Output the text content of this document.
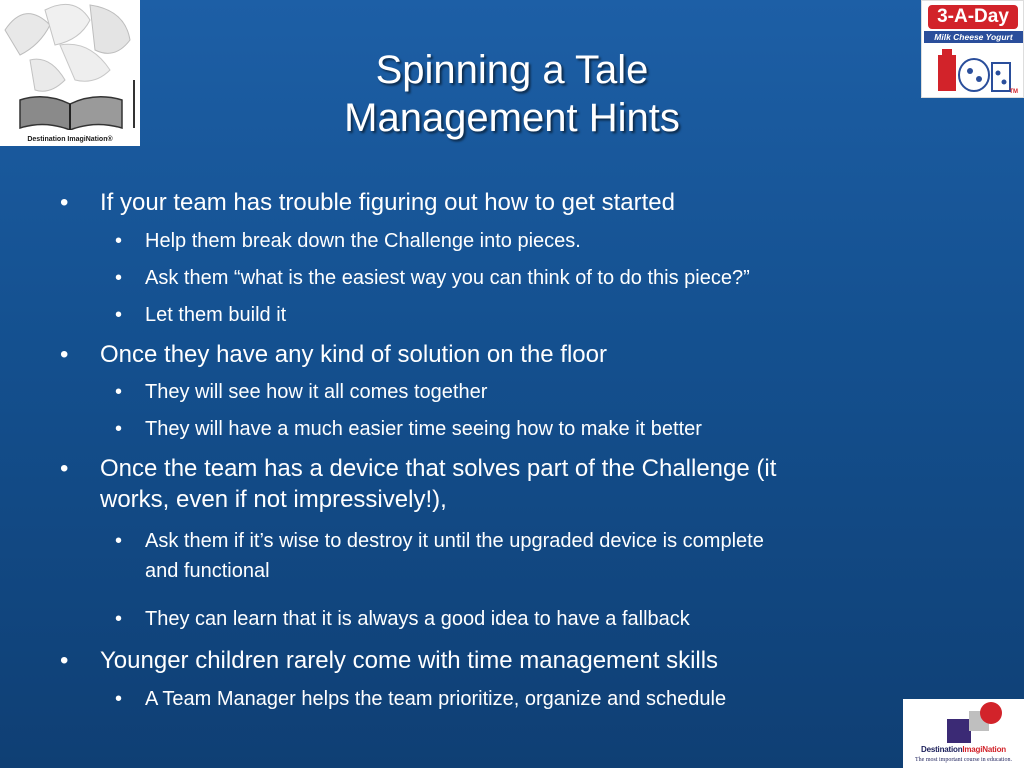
Destination ImagiNation®
3-A-Day
Milk Cheese Yogurt
TM
DestinationImagiNation
The most important course in education.
Spinning a Tale
Management Hints
• If your team has trouble figuring out how to get started
• Help them break down the Challenge into pieces.
• Ask them “what is the easiest way you can think of to do this piece?”
• Let them build it
• Once they have any kind of solution on the floor
• They will see how it all comes together
• They will have a much easier time seeing how to make it better
• Once the team has a device that solves part of the Challenge (it
works, even if not impressively!),
• Ask them if it’s wise to destroy it until the upgraded device is complete
and functional
• They can learn that it is always a good idea to have a fallback
• Younger children rarely come with time management skills
• A Team Manager helps the team prioritize, organize and schedule
